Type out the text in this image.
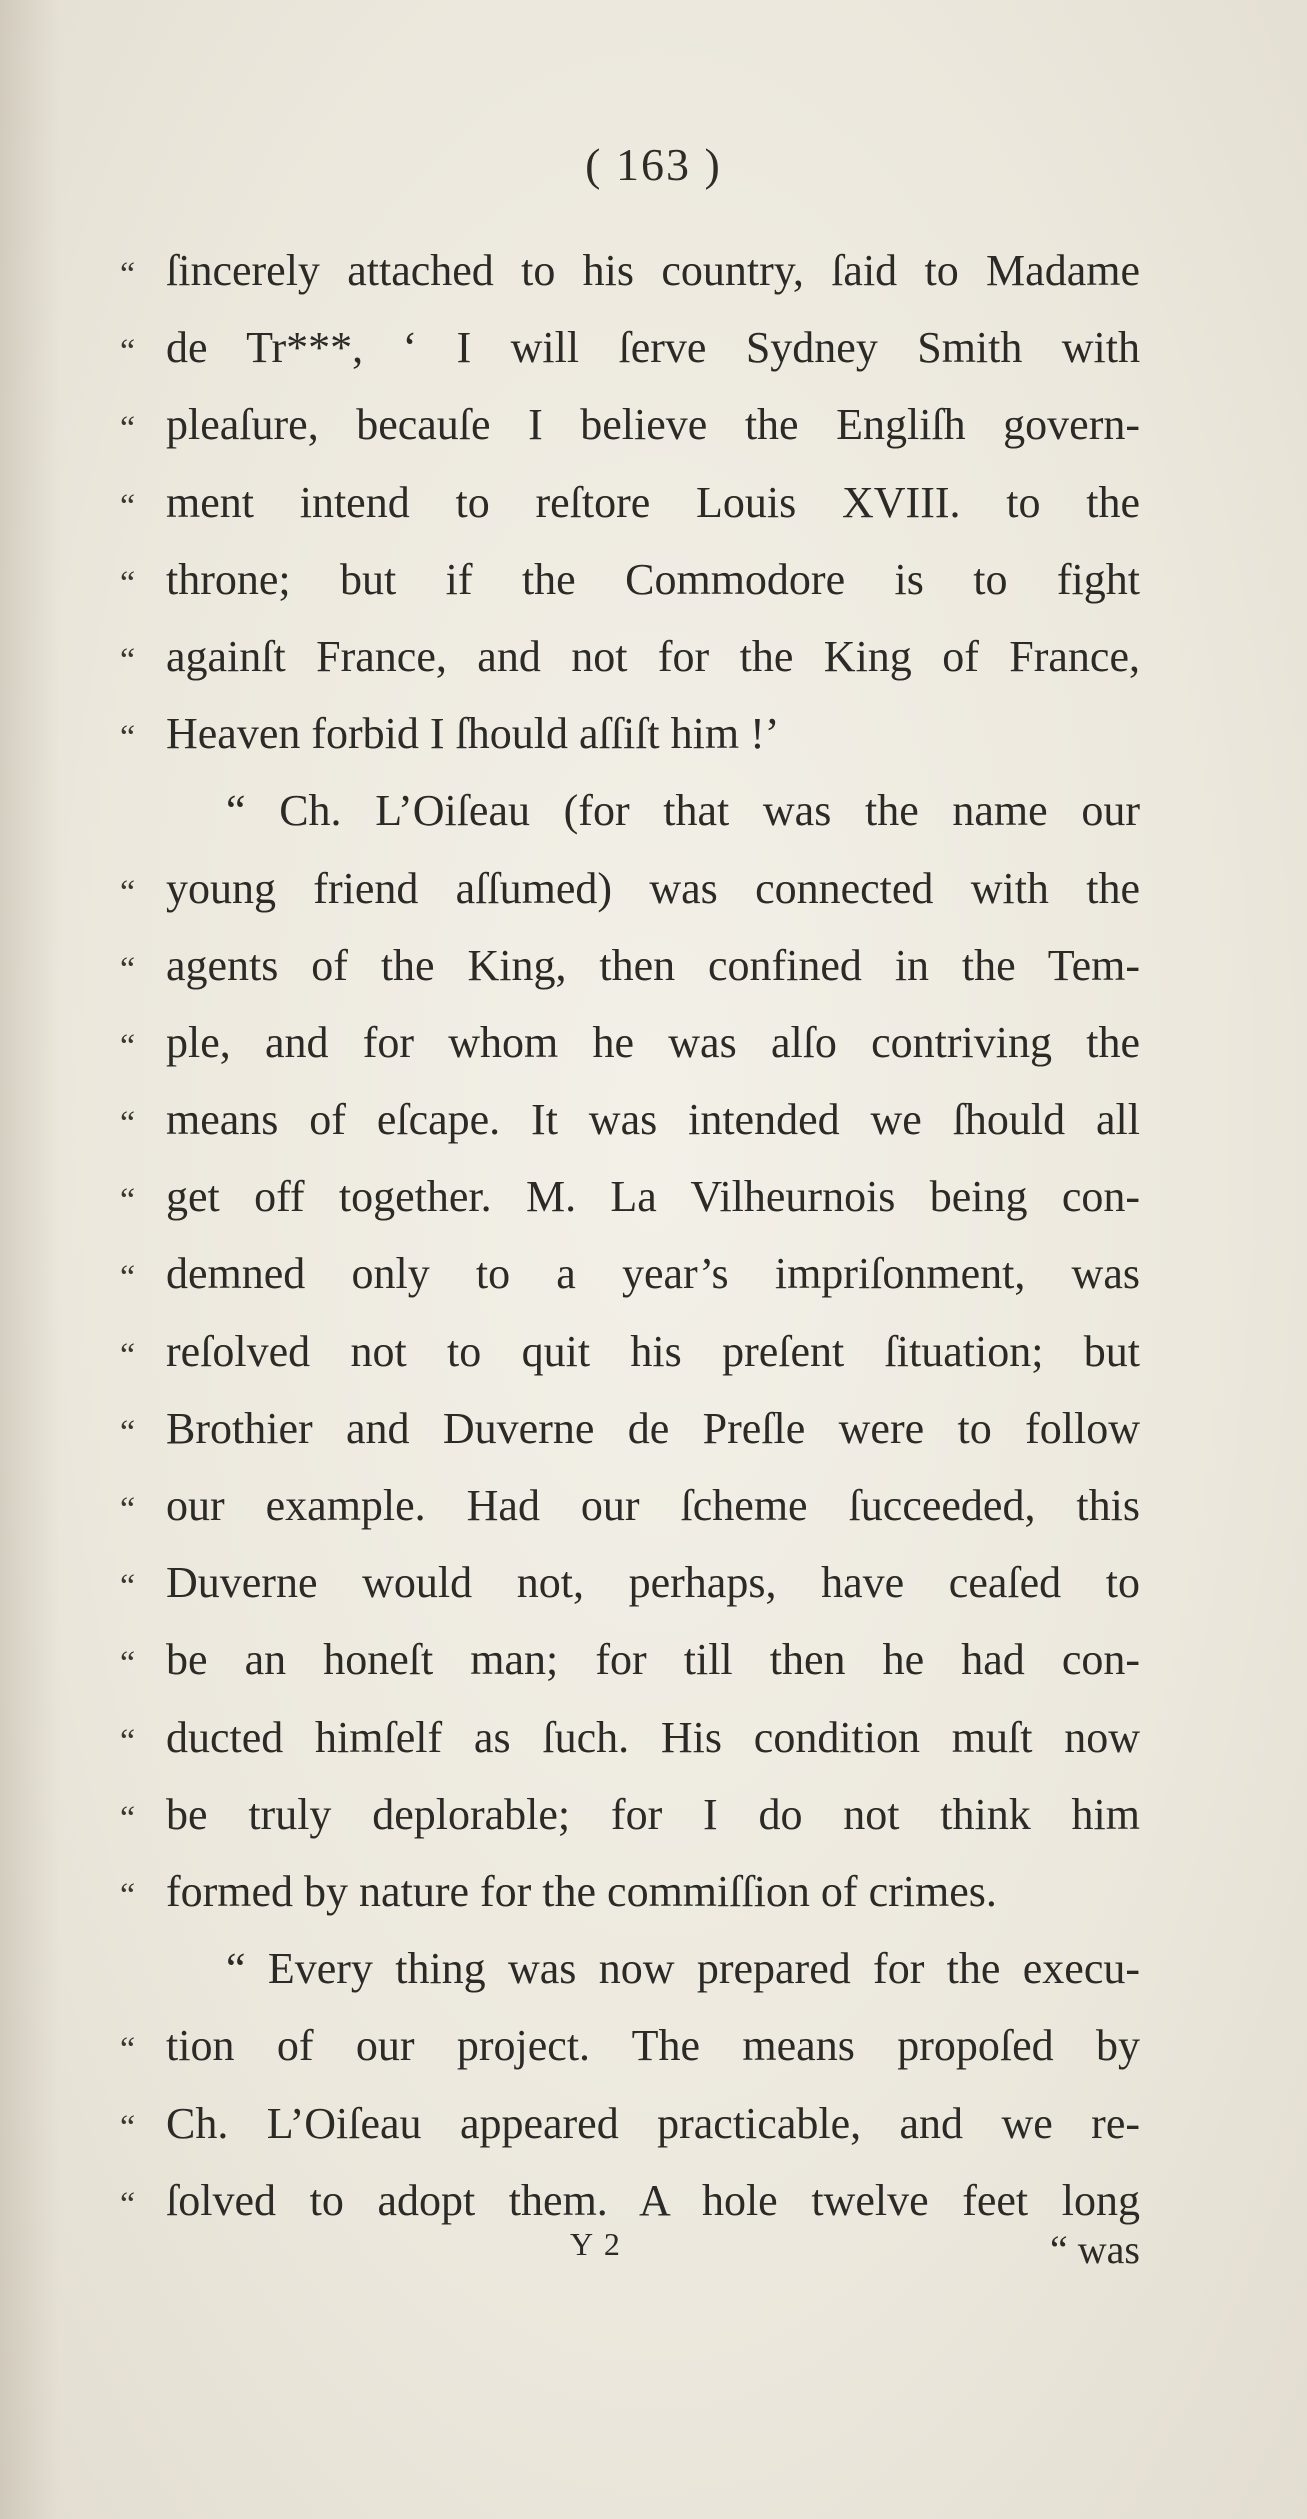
( 163 )
“ ſincerely attached to his country, ſaid to Madame
“ de Tr***, ‘ I will ſerve Sydney Smith with
“ pleaſure, becauſe I believe the Engliſh govern-
“ ment intend to reſtore Louis XVIII. to the
“ throne; but if the Commodore is to fight
“ againſt France, and not for the King of France,
“ Heaven forbid I ſhould aſſiſt him !’
“ Ch. L’Oiſeau (for that was the name our
“ young friend aſſumed) was connected with the
“ agents of the King, then confined in the Tem-
“ ple, and for whom he was alſo contriving the
“ means of eſcape. It was intended we ſhould all
“ get off together. M. La Vilheurnois being con-
“ demned only to a year’s impriſonment, was
“ reſolved not to quit his preſent ſituation; but
“ Brothier and Duverne de Preſle were to follow
“ our example. Had our ſcheme ſucceeded, this
“ Duverne would not, perhaps, have ceaſed to
“ be an honeſt man; for till then he had con-
“ ducted himſelf as ſuch. His condition muſt now
“ be truly deplorable; for I do not think him
“ formed by nature for the commiſſion of crimes.
“ Every thing was now prepared for the execu-
“ tion of our project. The means propoſed by
“ Ch. L’Oiſeau appeared practicable, and we re-
“ ſolved to adopt them. A hole twelve feet long
Y 2	“ was
